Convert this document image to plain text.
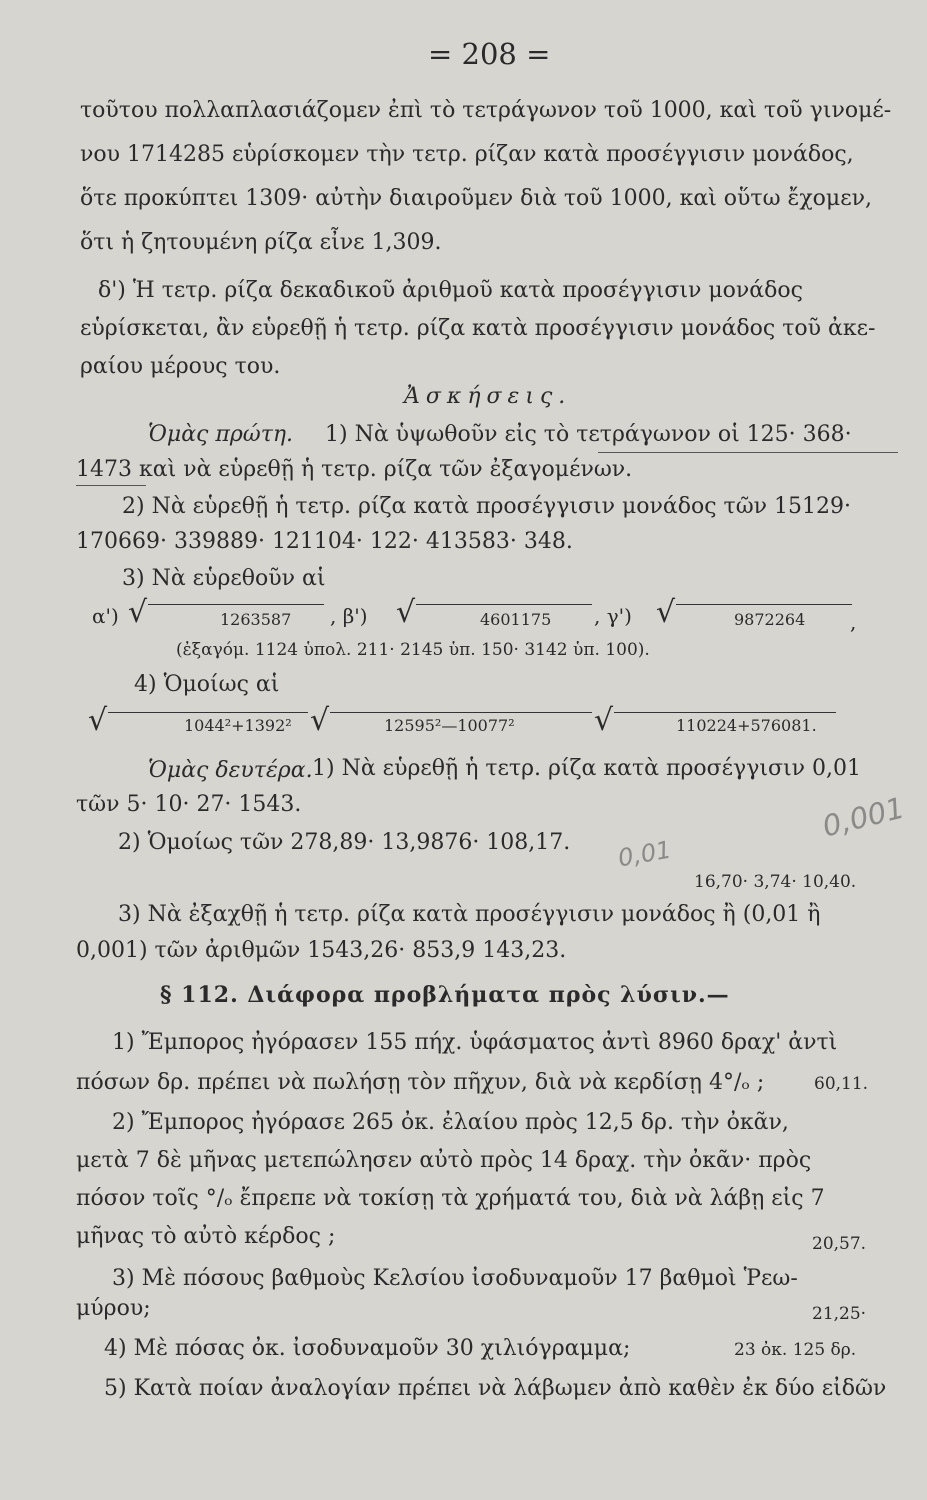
= 208 =
τοῦτου πολλαπλασιάζομεν ἐπὶ τὸ τετράγωνον τοῦ 1000, καὶ τοῦ γινομέ-
νου 1714285 εὑρίσκομεν τὴν τετρ. ρίζαν κατὰ προσέγγισιν μονάδος,
ὅτε προκύπτει 1309· αὐτὴν διαιροῦμεν διὰ τοῦ 1000, καὶ οὕτω ἔχομεν,
ὅτι ἡ ζητουμένη ρίζα εἶνε 1,309.
δ') Ἡ τετρ. ρίζα δεκαδικοῦ ἀριθμοῦ κατὰ προσέγγισιν μονάδος
εὑρίσκεται, ἂν εὑρεθῇ ἡ τετρ. ρίζα κατὰ προσέγγισιν μονάδος τοῦ ἀκε-
ραίου μέρους του.
Ἀσκήσεις.
Ὁμὰς πρώτη. 1) Νὰ ὑψωθοῦν εἰς τὸ τετράγωνον οἱ 125· 368·
1473 καὶ νὰ εὑρεθῇ ἡ τετρ. ρίζα τῶν ἐξαγομένων.
2) Νὰ εὑρεθῇ ἡ τετρ. ρίζα κατὰ προσέγγισιν μονάδος τῶν 15129·
170669· 339889· 121104· 122· 413583· 348.
3) Νὰ εὑρεθοῦν αἱ
α') √	1263587 , β') √	4601175 , γ') √	9872264 ,
(ἐξαγόμ. 1124 ὑπολ. 211· 2145 ὑπ. 150· 3142 ὑπ. 100).
4) Ὁμοίως αἱ
√	1044²+1392² √	12595²—10077²	√	110224+576081.
Ὁμὰς δευτέρα. 1) Νὰ εὑρεθῇ ἡ τετρ. ρίζα κατὰ προσέγγισιν 0,01
τῶν 5· 10· 27· 1543.	0,001
2) Ὁμοίως τῶν 278,89· 13,9876· 108,17. 0,01
16,70· 3,74· 10,40.
3) Νὰ ἐξαχθῇ ἡ τετρ. ρίζα κατὰ προσέγγισιν μονάδος ἢ (0,01 ἢ
0,001) τῶν ἀριθμῶν 1543,26· 853,9 143,23.
§ 112. Διάφορα προβλήματα πρὸς λύσιν.—
1) Ἔμπορος ἠγόρασεν 155 πήχ. ὑφάσματος ἀντὶ 8960 δραχ' ἀντὶ
πόσων δρ. πρέπει νὰ πωλήσῃ τὸν πῆχυν, διὰ νὰ κερδίσῃ 4°/ₒ ;	60,11.
2) Ἔμπορος ἠγόρασε 265 ὀκ. ἐλαίου πρὸς 12,5 δρ. τὴν ὀκᾶν,
μετὰ 7 δὲ μῆνας μετεπώλησεν αὐτὸ πρὸς 14 δραχ. τὴν ὀκᾶν· πρὸς
πόσον τοῖς °/ₒ ἔπρεπε νὰ τοκίσῃ τὰ χρήματά του, διὰ νὰ λάβῃ εἰς 7
μῆνας τὸ αὐτὸ κέρδος ;	20,57.
3) Μὲ πόσους βαθμοὺς Κελσίου ἰσοδυναμοῦν 17 βαθμοὶ Ῥεω-
μύρου;	21,25·
4) Μὲ πόσας ὀκ. ἰσοδυναμοῦν 30 χιλιόγραμμα;	23 ὀκ. 125 δρ.
5) Κατὰ ποίαν ἀναλογίαν πρέπει νὰ λάβωμεν ἀπὸ καθὲν ἐκ δύο εἰδῶν
